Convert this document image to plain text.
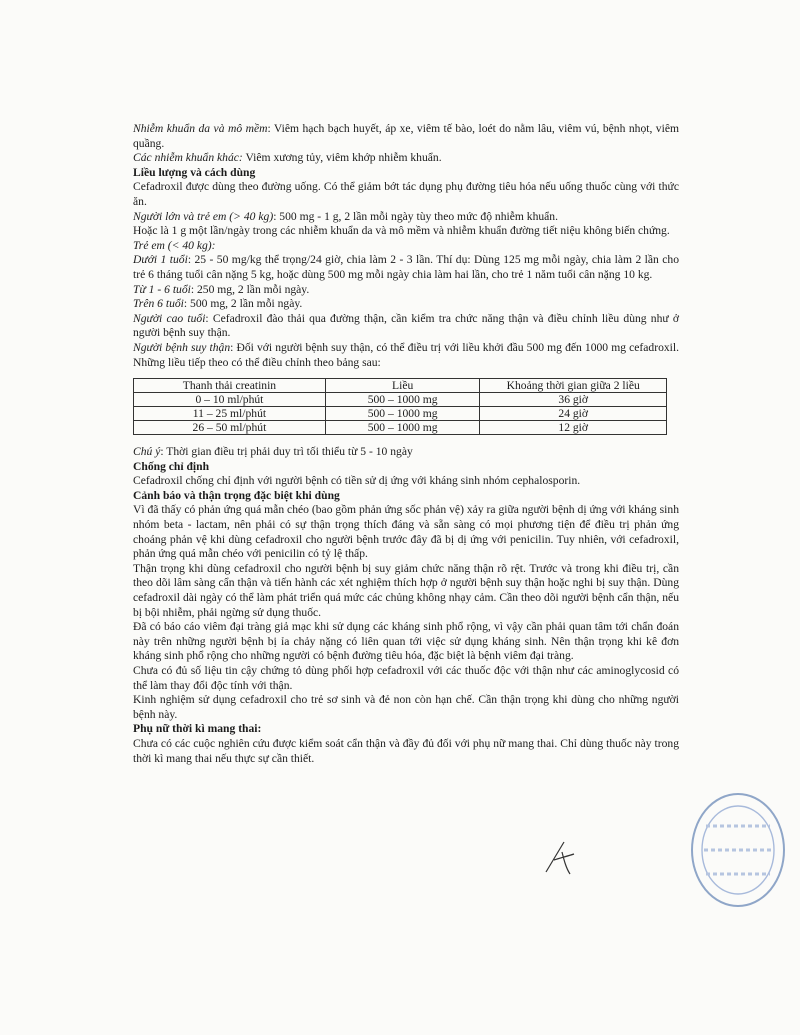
Nhiễm khuẩn da và mô mềm: Viêm hạch bạch huyết, áp xe, viêm tế bào, loét do nằm lâu, viêm vú, bệnh nhọt, viêm quầng.

Các nhiễm khuẩn khác: Viêm xương tủy, viêm khớp nhiễm khuẩn.

Liều lượng và cách dùng

Cefadroxil được dùng theo đường uống. Có thể giảm bớt tác dụng phụ đường tiêu hóa nếu uống thuốc cùng với thức ăn.

Người lớn và trẻ em (> 40 kg): 500 mg - 1 g, 2 lần mỗi ngày tùy theo mức độ nhiễm khuẩn.

Hoặc là 1 g một lần/ngày trong các nhiễm khuẩn da và mô mềm và nhiễm khuẩn đường tiết niệu không biến chứng.

Trẻ em (< 40 kg):

Dưới 1 tuổi: 25 - 50 mg/kg thể trọng/24 giờ, chia làm 2 - 3 lần. Thí dụ: Dùng 125 mg mỗi ngày, chia làm 2 lần cho trẻ 6 tháng tuổi cân nặng 5 kg, hoặc dùng 500 mg mỗi ngày chia làm hai lần, cho trẻ 1 năm tuổi cân nặng 10 kg.

Từ 1 - 6 tuổi: 250 mg, 2 lần mỗi ngày.

Trên 6 tuổi: 500 mg, 2 lần mỗi ngày.

Người cao tuổi: Cefadroxil đào thải qua đường thận, cần kiểm tra chức năng thận và điều chỉnh liều dùng như ở người bệnh suy thận.

Người bệnh suy thận: Đối với người bệnh suy thận, có thể điều trị với liều khởi đầu 500 mg đến 1000 mg cefadroxil. Những liều tiếp theo có thể điều chỉnh theo bảng sau:

Thanh thải creatinin	Liều	Khoảng thời gian giữa 2 liều
0 – 10 ml/phút	500 – 1000 mg	36 giờ
11 – 25 ml/phút	500 – 1000 mg	24 giờ
26 – 50 ml/phút	500 – 1000 mg	12 giờ

Chú ý: Thời gian điều trị phải duy trì tối thiểu từ 5 - 10 ngày

Chống chỉ định

Cefadroxil chống chỉ định với người bệnh có tiền sử dị ứng với kháng sinh nhóm cephalosporin.

Cảnh báo và thận trọng đặc biệt khi dùng

Vì đã thấy có phản ứng quá mẫn chéo (bao gồm phản ứng sốc phản vệ) xảy ra giữa người bệnh dị ứng với kháng sinh nhóm beta - lactam, nên phải có sự thận trọng thích đáng và sẵn sàng có mọi phương tiện để điều trị phản ứng choáng phản vệ khi dùng cefadroxil cho người bệnh trước đây đã bị dị ứng với penicilin. Tuy nhiên, với cefadroxil, phản ứng quá mẫn chéo với penicilin có tỷ lệ thấp.

Thận trọng khi dùng cefadroxil cho người bệnh bị suy giảm chức năng thận rõ rệt. Trước và trong khi điều trị, cần theo dõi lâm sàng cẩn thận và tiến hành các xét nghiệm thích hợp ở người bệnh suy thận hoặc nghi bị suy thận. Dùng cefadroxil dài ngày có thể làm phát triển quá mức các chủng không nhạy cảm. Cần theo dõi người bệnh cẩn thận, nếu bị bội nhiễm, phải ngừng sử dụng thuốc.

Đã có báo cáo viêm đại tràng giả mạc khi sử dụng các kháng sinh phổ rộng, vì vậy cần phải quan tâm tới chẩn đoán này trên những người bệnh bị ỉa chảy nặng có liên quan tới việc sử dụng kháng sinh. Nên thận trọng khi kê đơn kháng sinh phổ rộng cho những người có bệnh đường tiêu hóa, đặc biệt là bệnh viêm đại tràng.

Chưa có đủ số liệu tin cậy chứng tỏ dùng phối hợp cefadroxil với các thuốc độc với thận như các aminoglycosid có thể làm thay đổi độc tính với thận.

Kinh nghiệm sử dụng cefadroxil cho trẻ sơ sinh và đẻ non còn hạn chế. Cần thận trọng khi dùng cho những người bệnh này.

Phụ nữ thời kì mang thai:

Chưa có các cuộc nghiên cứu được kiểm soát cẩn thận và đầy đủ đối với phụ nữ mang thai. Chỉ dùng thuốc này trong thời kì mang thai nếu thực sự cần thiết.
